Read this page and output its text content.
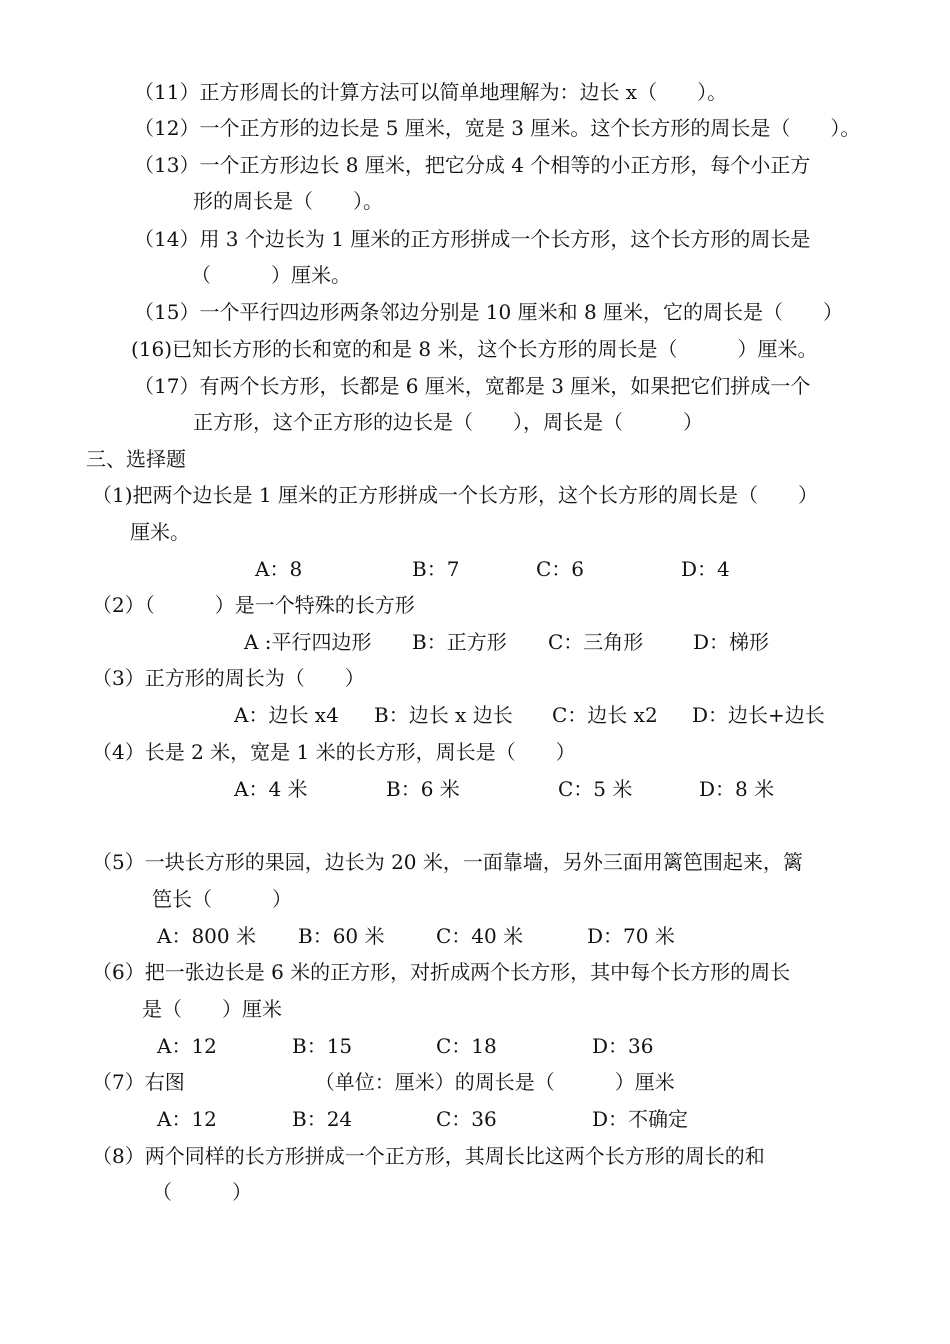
（11）正方形周长的计算方法可以简单地理解为：边长 x（　　）。
（12）一个正方形的边长是 5 厘米，宽是 3 厘米。这个长方形的周长是（　　）。
（13）一个正方形边长 8 厘米，把它分成 4 个相等的小正方形，每个小正方
形的周长是（　　）。
（14）用 3 个边长为 1 厘米的正方形拼成一个长方形，这个长方形的周长是
（　　　）厘米。
（15）一个平行四边形两条邻边分别是 10 厘米和 8 厘米，它的周长是（　　）
(16)已知长方形的长和宽的和是 8 米，这个长方形的周长是（　　　）厘米。
（17）有两个长方形，长都是 6 厘米，宽都是 3 厘米，如果把它们拼成一个
正方形，这个正方形的边长是（　　），周长是（　　　）
三、选择题
（1)把两个边长是 1 厘米的正方形拼成一个长方形，这个长方形的周长是（　　）
厘米。
A：8	B：7	C：6	D：4
（2）（　　　）是一个特殊的长方形
A :平行四边形 B：正方形 C：三角形 D：梯形
（3）正方形的周长为（　　）
A：边长 x4 B：边长 x 边长 C：边长 x2 D：边长+边长
（4）长是 2 米，宽是 1 米的长方形，周长是（　　）
A：4 米	B：6 米	C：5 米	D：8 米
（5）一块长方形的果园，边长为 20 米，一面靠墙，另外三面用篱笆围起来，篱
笆长（　　　）
A：800 米 B：60 米	C：40 米	D：70 米
（6）把一张边长是 6 米的正方形，对折成两个长方形，其中每个长方形的周长
是（　　）厘米
A：12	B：15	C：18	D：36
（7）右图　　　　　　　（单位：厘米）的周长是（　　　）厘米
A：12	B：24	C：36	D：不确定
（8）两个同样的长方形拼成一个正方形，其周长比这两个长方形的周长的和
（　　　）
